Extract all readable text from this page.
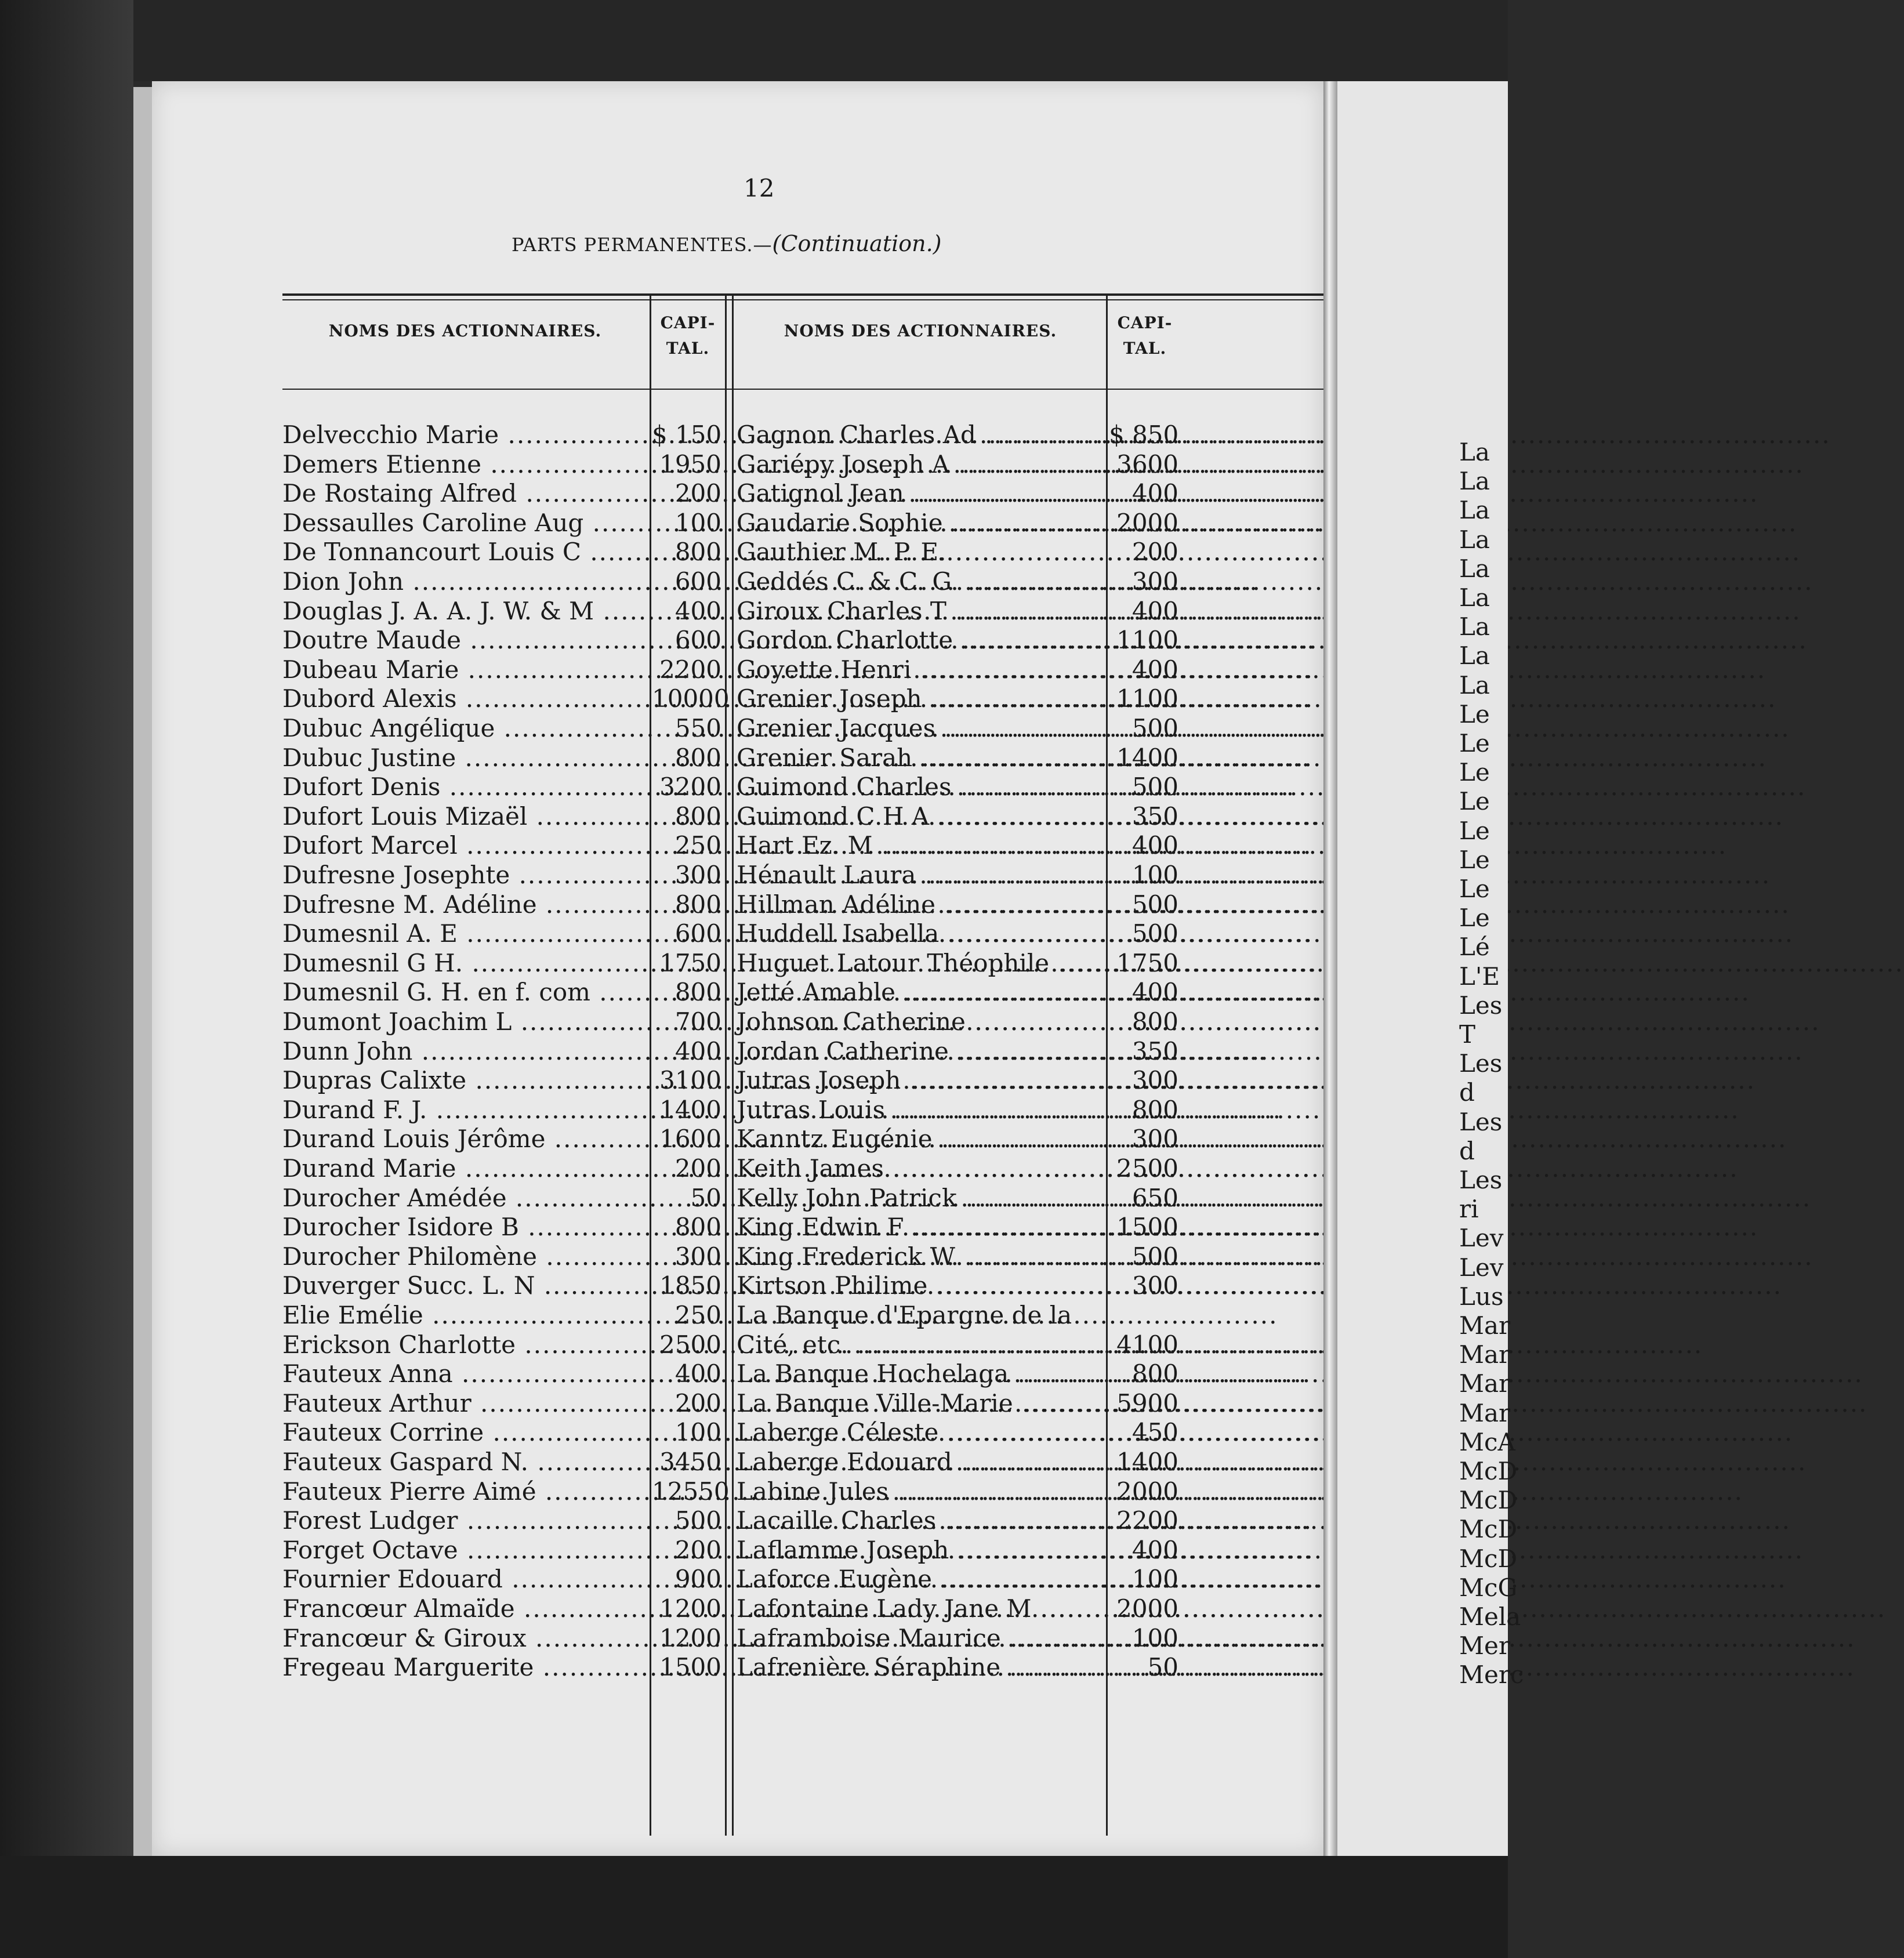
12
PARTS PERMANENTES.—(Continuation.)
NOMS DES ACTIONNAIRES.	CAPI- TAL.
NOMS DES ACTIONNAIRES.	CAPI- TAL.
Delvecchio Marie .....	$ 150
Demers Etienne .....	1950
De Rostaing Alfred .....	200
Dessaulles Caroline Aug .....	100
De Tonnancourt Louis C .....	800
Dion John .....	600
Douglas J. A. A. J. W. & M .....	400
Doutre Maude .....	600
Dubeau Marie .....	2200
Dubord Alexis .....	10000
Dubuc Angélique .....	550
Dubuc Justine .....	800
Dufort Denis .....	3200
Dufort Louis Mizaël .....	800
Dufort Marcel .....	250
Dufresne Josephte .....	300
Dufresne M. Adéline .....	800
Dumesnil A. E .....	600
Dumesnil G H. .....	1750
Dumesnil G. H. en f. com .....	800
Dumont Joachim L .....	700
Dunn John .....	400
Dupras Calixte .....	3100
Durand F. J. .....	1400
Durand Louis Jérôme .....	1600
Durand Marie .....	200
Durocher Amédée .....	50
Durocher Isidore B .....	800
Durocher Philomène .....	300
Duverger Succ. L. N .....	1850
Elie Emélie .....	250
Erickson Charlotte .....	2500
Fauteux Anna .....	400
Fauteux Arthur .....	200
Fauteux Corrine .....	100
Fauteux Gaspard N. .....	3450
Fauteux Pierre Aimé .....	12550
Forest Ludger .....	500
Forget Octave .....	200
Fournier Edouard .....	900
Francœur Almaïde .....	1200
Francœur & Giroux .....	1200
Fregeau Marguerite .....	1500
Gagnon Charles Ad .....	$ 850
Gariépy Joseph A .....	3600
Gatignol Jean .....	400
Gaudarie Sophie .....	2000
Gauthier M. P. E. .....	200
Geddés C. & C. G. .....	300
Giroux Charles T .....	400
Gordon Charlotte .....	1100
Goyette Henri .....	400
Grenier Joseph .....	1100
Grenier Jacques .....	500
Grenier Sarah .....	1400
Guimond Charles .....	500
Guimond C H A .....	350
Hart Ez. M .....	400
Hénault Laura .....	100
Hillman Adéline .....	500
Huddell Isabella .....	500
Huguet Latour Théophile .....	1750
Jetté Amable .....	400
Johnson Catherine .....	800
Jordan Catherine .....	350
Jutras Joseph .....	300
Jutras Louis .....	800
Kanntz Eugénie .....	300
Keith James .....	2500
Kelly John Patrick .....	650
King Edwin F .....	1500
King Frederick W. .....	500
Kirtson Philime .....	300
La Banque d'Epargne de la
Cité, etc. .....	4100
La Banque Hochelaga .....	800
La Banque Ville-Marie .....	5900
Laberge Céleste .....	450
Laberge Edouard .....	1400
Labine Jules .....	2000
Lacaille Charles .....	2200
Laflamme Joseph .....	400
Laforce Eugène .....	100
Lafontaine Lady Jane M .....	2000
Laframboise Maurice .....	100
Lafrenière Séraphine .....	50
La
La
La
La
La
La
La
La
La
Le
Le
Le
Le
Le
Le
Le
Le
Lé
L'E
Les
T
Les
d
Les
d
Les
ri
Lev
Lev
Lus
Mar
Mar
Mar
Mar
McA
McD
McD
McD
McD
McG
Mela
Mer
Merc
